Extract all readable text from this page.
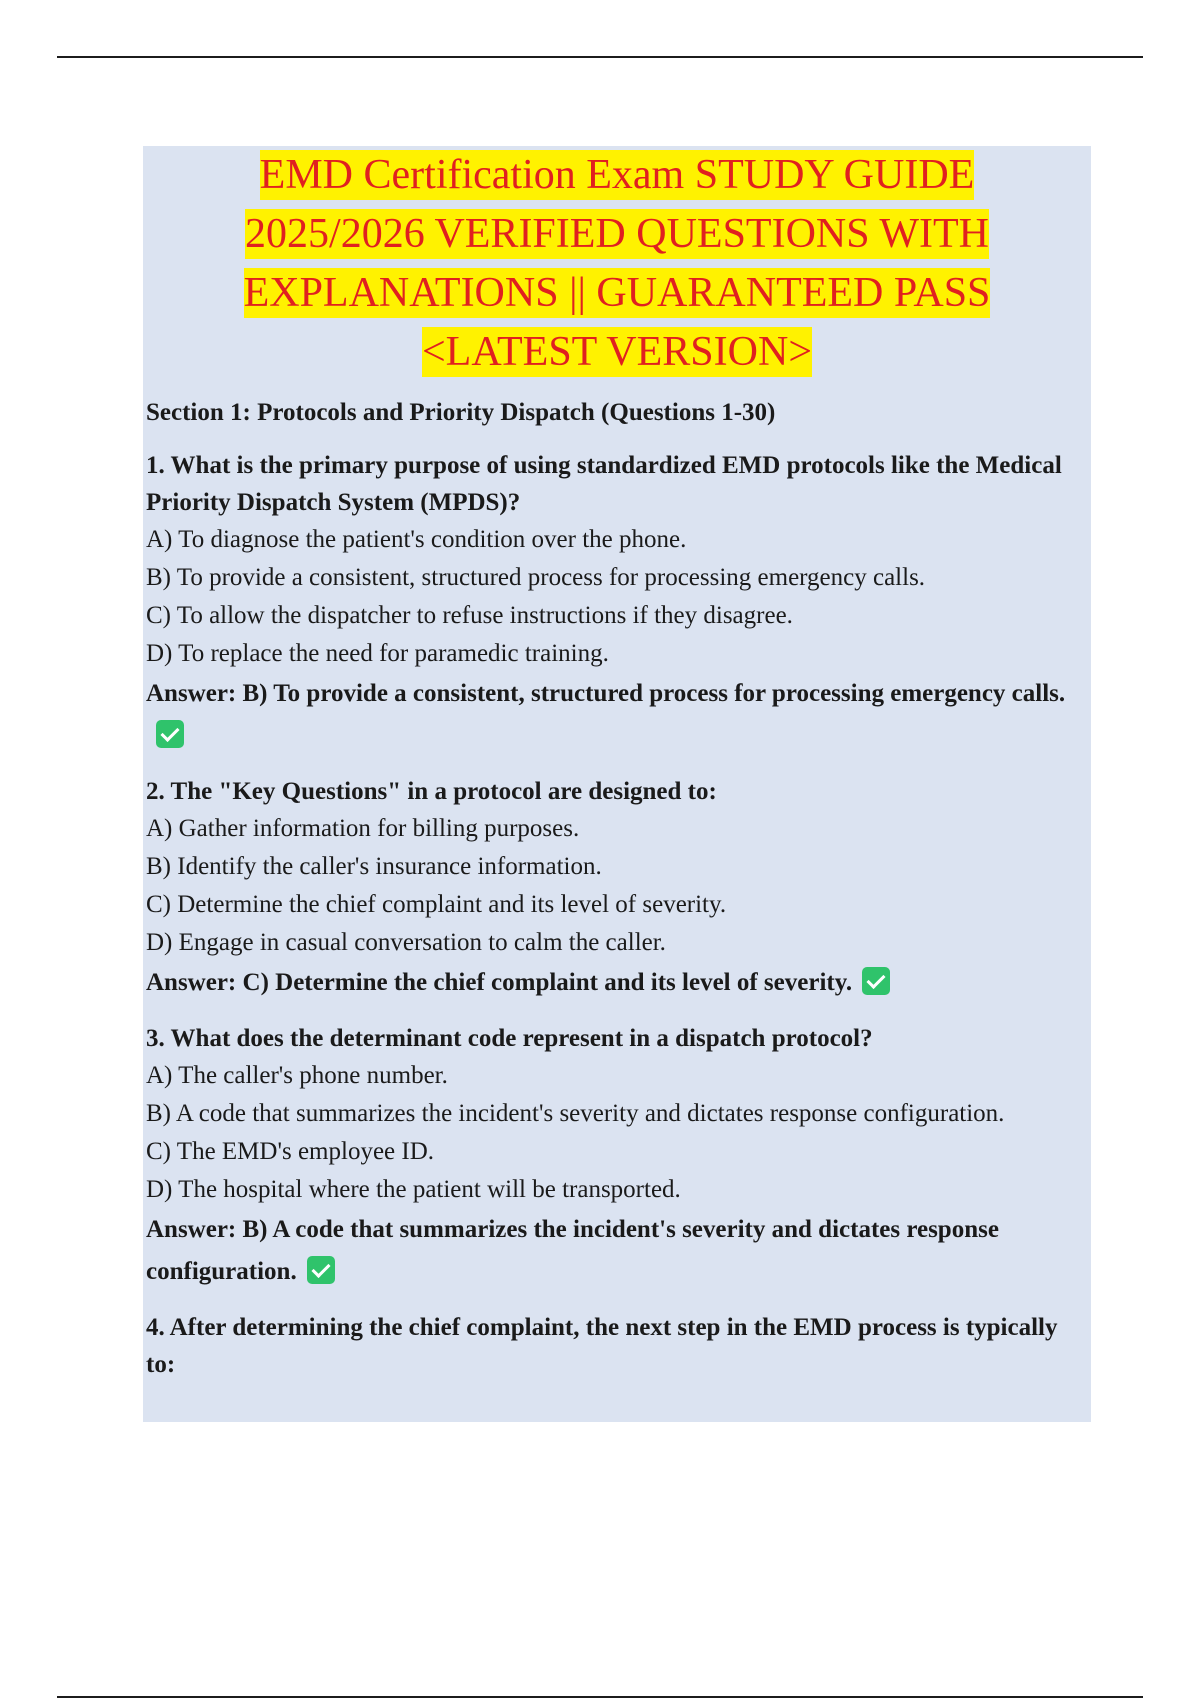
EMD Certification Exam STUDY GUIDE
2025/2026 VERIFIED QUESTIONS WITH
EXPLANATIONS || GUARANTEED PASS
<LATEST VERSION>

Section 1: Protocols and Priority Dispatch (Questions 1-30)

1. What is the primary purpose of using standardized EMD protocols like the Medical Priority Dispatch System (MPDS)?

A) To diagnose the patient's condition over the phone.

B) To provide a consistent, structured process for processing emergency calls.

C) To allow the dispatcher to refuse instructions if they disagree.

D) To replace the need for paramedic training.

Answer: B) To provide a consistent, structured process for processing emergency calls.

2. The "Key Questions" in a protocol are designed to:

A) Gather information for billing purposes.

B) Identify the caller's insurance information.

C) Determine the chief complaint and its level of severity.

D) Engage in casual conversation to calm the caller.

Answer: C) Determine the chief complaint and its level of severity.

3. What does the determinant code represent in a dispatch protocol?

A) The caller's phone number.

B) A code that summarizes the incident's severity and dictates response configuration.

C) The EMD's employee ID.

D) The hospital where the patient will be transported.

Answer: B) A code that summarizes the incident's severity and dictates response configuration.

4. After determining the chief complaint, the next step in the EMD process is typically to:
